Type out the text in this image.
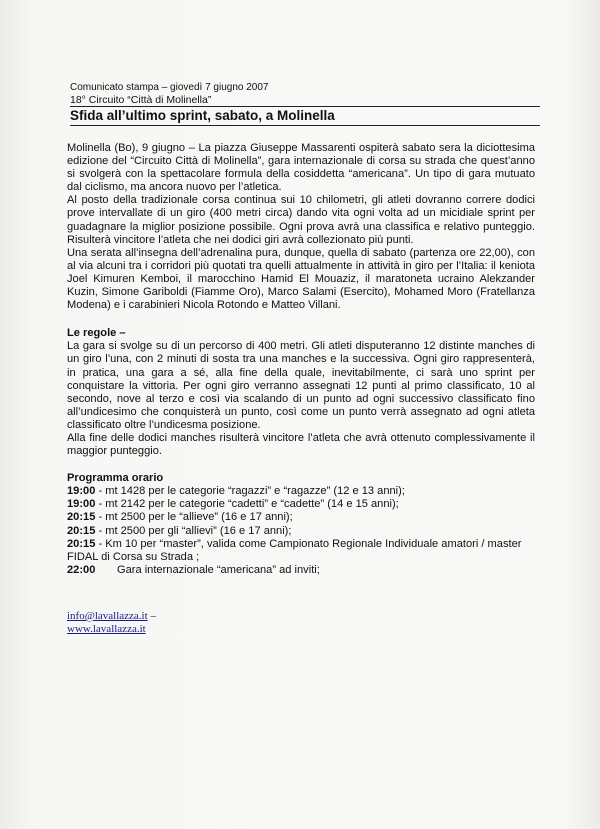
Comunicato stampa – giovedì 7 giugno 2007
18° Circuito “Città di Molinella”
Sfida all’ultimo sprint, sabato, a Molinella

Molinella (Bo), 9 giugno – La piazza Giuseppe Massarenti ospiterà sabato sera la diciottesima edizione del “Circuito Città di Molinella”, gara internazionale di corsa su strada che quest’anno si svolgerà con la spettacolare formula della cosiddetta “americana”. Un tipo di gara mutuato dal ciclismo, ma ancora nuovo per l’atletica.

Al posto della tradizionale corsa continua sui 10 chilometri, gli atleti dovranno correre dodici prove intervallate di un giro (400 metri circa) dando vita ogni volta ad un micidiale sprint per guadagnare la miglior posizione possibile. Ogni prova avrà una classifica e relativo punteggio. Risulterà vincitore l’atleta che nei dodici giri avrà collezionato più punti.

Una serata all’insegna dell’adrenalina pura, dunque, quella di sabato (partenza ore 22,00), con al via alcuni tra i corridori più quotati tra quelli attualmente in attività in giro per l’Italia: il keniota Joel Kimuren Kemboi, il marocchino Hamid El Mouaziz, il maratoneta ucraino Alekzander Kuzin, Simone Gariboldi (Fiamme Oro), Marco Salami (Esercito), Mohamed Moro (Fratellanza Modena) e i carabinieri Nicola Rotondo e Matteo Villani.

Le regole –

La gara si svolge su di un percorso di 400 metri. Gli atleti disputeranno 12 distinte manches di un giro l’una, con 2 minuti di sosta tra una manches e la successiva. Ogni giro rappresenterà, in pratica, una gara a sé, alla fine della quale, inevitabilmente, ci sarà uno sprint per conquistare la vittoria. Per ogni giro verranno assegnati 12 punti al primo classificato, 10 al secondo, nove al terzo e così via scalando di un punto ad ogni successivo classificato fino all’undicesimo che conquisterà un punto, così come un punto verrà assegnato ad ogni atleta classificato oltre l’undicesma posizione.

Alla fine delle dodici manches risulterà vincitore l’atleta che avrà ottenuto complessivamente il maggior punteggio.

Programma orario
19:00 - mt 1428 per le categorie “ragazzi” e “ragazze” (12 e 13 anni);
19:00 - mt 2142 per le categorie “cadetti” e “cadette” (14 e 15 anni);
20:15 - mt 2500 per le “allieve” (16 e 17 anni);
20:15 - mt 2500 per gli “allievi” (16 e 17 anni);
20:15 - Km 10 per “master”, valida come Campionato Regionale Individuale amatori / master FIDAL di Corsa su Strada ;
22:00       Gara internazionale “americana” ad inviti;
info@lavallazza.it –
www.lavallazza.it
